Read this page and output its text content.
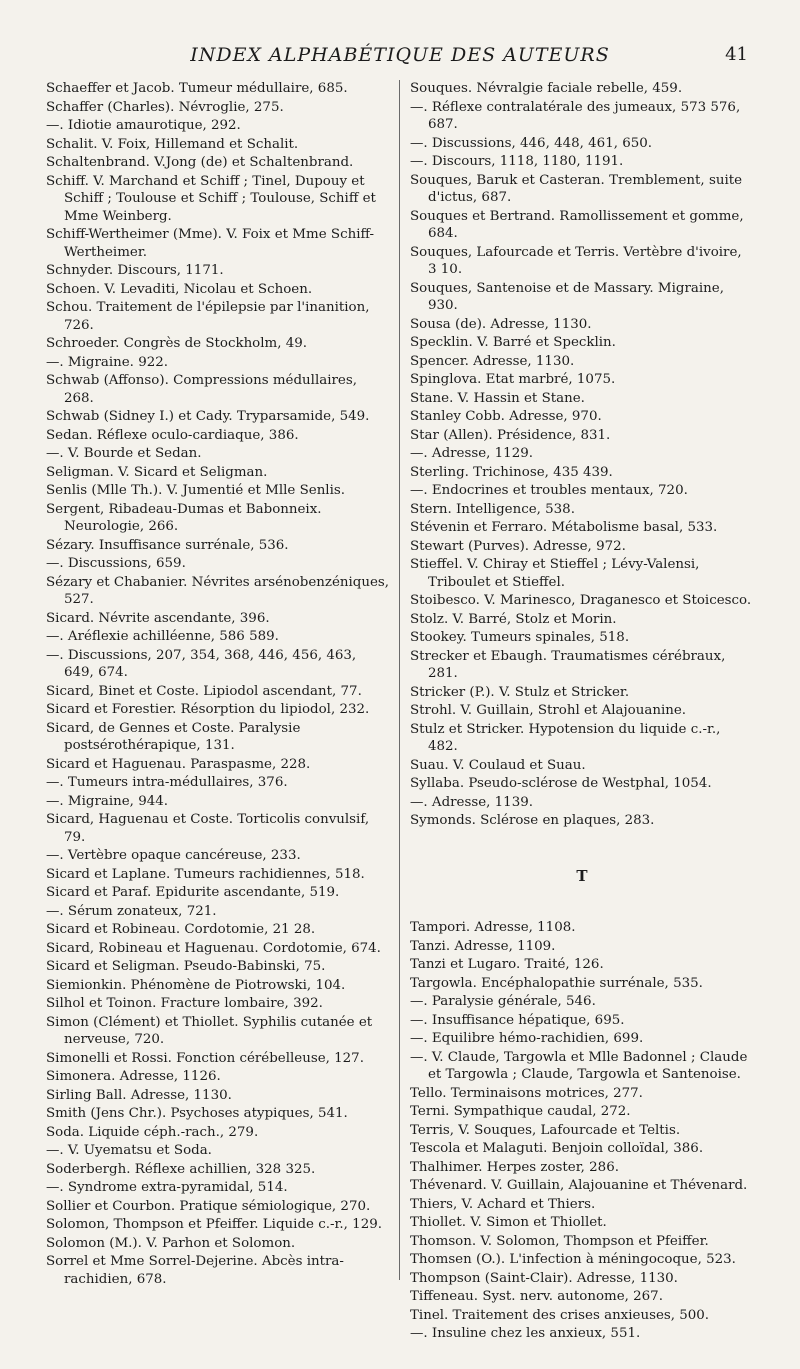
INDEX ALPHABÉTIQUE DES AUTEURS	41
Schaeffer et Jacob. Tumeur médullaire, 685.
Schaffer (Charles). Névroglie, 275.
—. Idiotie amaurotique, 292.
Schalit. V. Foix, Hillemand et Schalit.
Schaltenbrand. V.Jong (de) et Schaltenbrand.
Schiff. V. Marchand et Schiff ; Tinel, Dupouy et Schiff ; Toulouse et Schiff ; Toulouse, Schiff et Mme Weinberg.
Schiff-Wertheimer (Mme). V. Foix et Mme Schiff-Wertheimer.
Schnyder. Discours, 1171.
Schoen. V. Levaditi, Nicolau et Schoen.
Schou. Traitement de l'épilepsie par l'inanition, 726.
Schroeder. Congrès de Stockholm, 49.
—. Migraine. 922.
Schwab (Affonso). Compressions médullaires, 268.
Schwab (Sidney I.) et Cady. Tryparsamide, 549.
Sedan. Réflexe oculo-cardiaque, 386.
—. V. Bourde et Sedan.
Seligman. V. Sicard et Seligman.
Senlis (Mlle Th.). V. Jumentié et Mlle Senlis.
Sergent, Ribadeau-Dumas et Babonneix. Neurologie, 266.
Sézary. Insuffisance surrénale, 536.
—. Discussions, 659.
Sézary et Chabanier. Névrites arsénobenzéniques, 527.
Sicard. Névrite ascendante, 396.
—. Aréflexie achilléenne, 586 589.
—. Discussions, 207, 354, 368, 446, 456, 463, 649, 674.
Sicard, Binet et Coste. Lipiodol ascendant, 77.
Sicard et Forestier. Résorption du lipiodol, 232.
Sicard, de Gennes et Coste. Paralysie postsérothérapique, 131.
Sicard et Haguenau. Paraspasme, 228.
—. Tumeurs intra-médullaires, 376.
—. Migraine, 944.
Sicard, Haguenau et Coste. Torticolis convulsif, 79.
—. Vertèbre opaque cancéreuse, 233.
Sicard et Laplane. Tumeurs rachidiennes, 518.
Sicard et Paraf. Epidurite ascendante, 519.
—. Sérum zonateux, 721.
Sicard et Robineau. Cordotomie, 21 28.
Sicard, Robineau et Haguenau. Cordotomie, 674.
Sicard et Seligman. Pseudo-Babinski, 75.
Siemionkin. Phénomène de Piotrowski, 104.
Silhol et Toinon. Fracture lombaire, 392.
Simon (Clément) et Thiollet. Syphilis cutanée et nerveuse, 720.
Simonelli et Rossi. Fonction cérébelleuse, 127.
Simonera. Adresse, 1126.
Sirling Ball. Adresse, 1130.
Smith (Jens Chr.). Psychoses atypiques, 541.
Soda. Liquide céph.-rach., 279.
—. V. Uyematsu et Soda.
Soderbergh. Réflexe achillien, 328 325.
—. Syndrome extra-pyramidal, 514.
Sollier et Courbon. Pratique sémiologique, 270.
Solomon, Thompson et Pfeiffer. Liquide c.-r., 129.
Solomon (M.). V. Parhon et Solomon.
Sorrel et Mme Sorrel-Dejerine. Abcès intra-rachidien, 678.
Souques. Névralgie faciale rebelle, 459.
—. Réflexe contralatérale des jumeaux, 573 576, 687.
—. Discussions, 446, 448, 461, 650.
—. Discours, 1118, 1180, 1191.
Souques, Baruk et Casteran. Tremblement, suite d'ictus, 687.
Souques et Bertrand. Ramollissement et gomme, 684.
Souques, Lafourcade et Terris. Vertèbre d'ivoire, 3 10.
Souques, Santenoise et de Massary. Migraine, 930.
Sousa (de). Adresse, 1130.
Specklin. V. Barré et Specklin.
Spencer. Adresse, 1130.
Spinglova. Etat marbré, 1075.
Stane. V. Hassin et Stane.
Stanley Cobb. Adresse, 970.
Star (Allen). Présidence, 831.
—. Adresse, 1129.
Sterling. Trichinose, 435 439.
—. Endocrines et troubles mentaux, 720.
Stern. Intelligence, 538.
Stévenin et Ferraro. Métabolisme basal, 533.
Stewart (Purves). Adresse, 972.
Stieffel. V. Chiray et Stieffel ; Lévy-Valensi, Triboulet et Stieffel.
Stoibesco. V. Marinesco, Draganesco et Stoicesco.
Stolz. V. Barré, Stolz et Morin.
Stookey. Tumeurs spinales, 518.
Strecker et Ebaugh. Traumatismes cérébraux, 281.
Stricker (P.). V. Stulz et Stricker.
Strohl. V. Guillain, Strohl et Alajouanine.
Stulz et Stricker. Hypotension du liquide c.-r., 482.
Suau. V. Coulaud et Suau.
Syllaba. Pseudo-sclérose de Westphal, 1054.
—. Adresse, 1139.
Symonds. Sclérose en plaques, 283.
T
Tampori. Adresse, 1108.
Tanzi. Adresse, 1109.
Tanzi et Lugaro. Traité, 126.
Targowla. Encéphalopathie surrénale, 535.
—. Paralysie générale, 546.
—. Insuffisance hépatique, 695.
—. Equilibre hémo-rachidien, 699.
—. V. Claude, Targowla et Mlle Badonnel ; Claude et Targowla ; Claude, Targowla et Santenoise.
Tello. Terminaisons motrices, 277.
Terni. Sympathique caudal, 272.
Terris, V. Souques, Lafourcade et Teltis.
Tescola et Malaguti. Benjoin colloïdal, 386.
Thalhimer. Herpes zoster, 286.
Thévenard. V. Guillain, Alajouanine et Thévenard.
Thiers, V. Achard et Thiers.
Thiollet. V. Simon et Thiollet.
Thomson. V. Solomon, Thompson et Pfeiffer.
Thomsen (O.). L'infection à méningocoque, 523.
Thompson (Saint-Clair). Adresse, 1130.
Tiffeneau. Syst. nerv. autonome, 267.
Tinel. Traitement des crises anxieuses, 500.
—. Insuline chez les anxieux, 551.
